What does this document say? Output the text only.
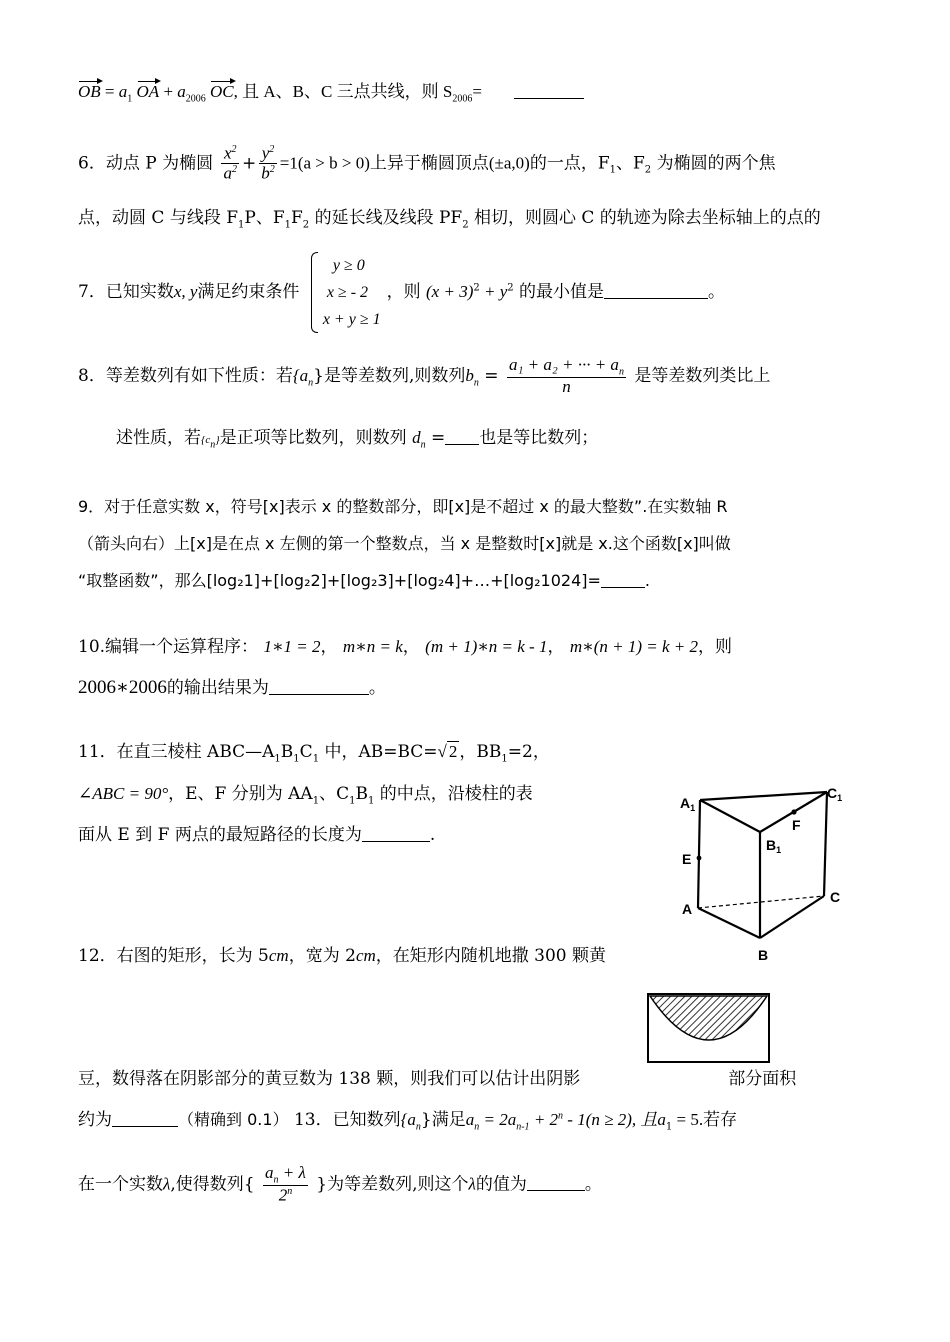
OB = $a_1$ OA + $a_{2006}$ OC, 且 A、B、C 三点共线，则 $S_{2006}=$
6．动点 P 为椭圆 $\frac{x^2}{a^2} + \frac{y^2}{b^2} =1(a > b > 0)$上异于椭圆顶点(±a,0)的一点，$F_1$、$F_2$ 为椭圆的两个焦
点，动圆 C 与线段 $F_1P$、$F_1F_2$ 的延长线及线段 $PF_2$ 相切，则圆心 C 的轨迹为除去坐标轴上的点的
7．已知实数x, y满足约束条件
y ≥ 0
x ≥ - 2
x + y ≥ 1
，则 $(x + 3)^2 + y^2$ 的最小值是	。
8．等差数列有如下性质：若$\{a_n\}$是等差数列,则数列$b_n = \frac{a_1 + a_2 + \cdot\cdot\cdot + a_n}{n}$ 是等差数列类比上
述性质，若$\{c_n\}$是正项等比数列，则数列 $d_n$ = 也是等比数列；
9．对于任意实数 x，符号[x]表示 x 的整数部分，即[x]是不超过 x 的最大整数”.在实数轴 R
（箭头向右）上[x]是在点 x 左侧的第一个整数点，当 x 是整数时[x]就是 x.这个函数[x]叫做
“取整函数”，那么[log₂1]+[log₂2]+[log₂3]+[log₂4]+…+[log₂1024]=	.
10.编辑一个运算程序： 1∗1 = 2， m∗n = k， (m + 1)∗n = k - 1， m∗(n + 1) = k + 2，则
2006∗2006的输出结果为	。
11．在直三棱柱 $ABC—A_1B_1C_1$ 中，AB=BC=√ 2 ，$BB_1=2$，
∠ABC = 90°，E、F 分别为 $AA_1$、$C_1B_1$ 的中点，沿棱柱的表
面从 E 到 F 两点的最短路径的长度为	.
$A_1$
$C_1$
$B_1$
F
E
A
C
B
12．右图的矩形，长为 5cm，宽为 2cm，在矩形内随机地撒 300 颗黄
豆，数得落在阴影部分的黄豆数为 138 颗，则我们可以估计出阴影	部分面积
约为	（精确到 0.1） 13．已知数列$\{a_n\}$满足$a_n = 2a_{n-1} + 2^n - 1(n \ge 2)$, 且$a_1 = 5$.若存
在一个实数λ,使得数列{ $\frac{a_n + \lambda}{2^n}$ }为等差数列,则这个λ的值为	。
